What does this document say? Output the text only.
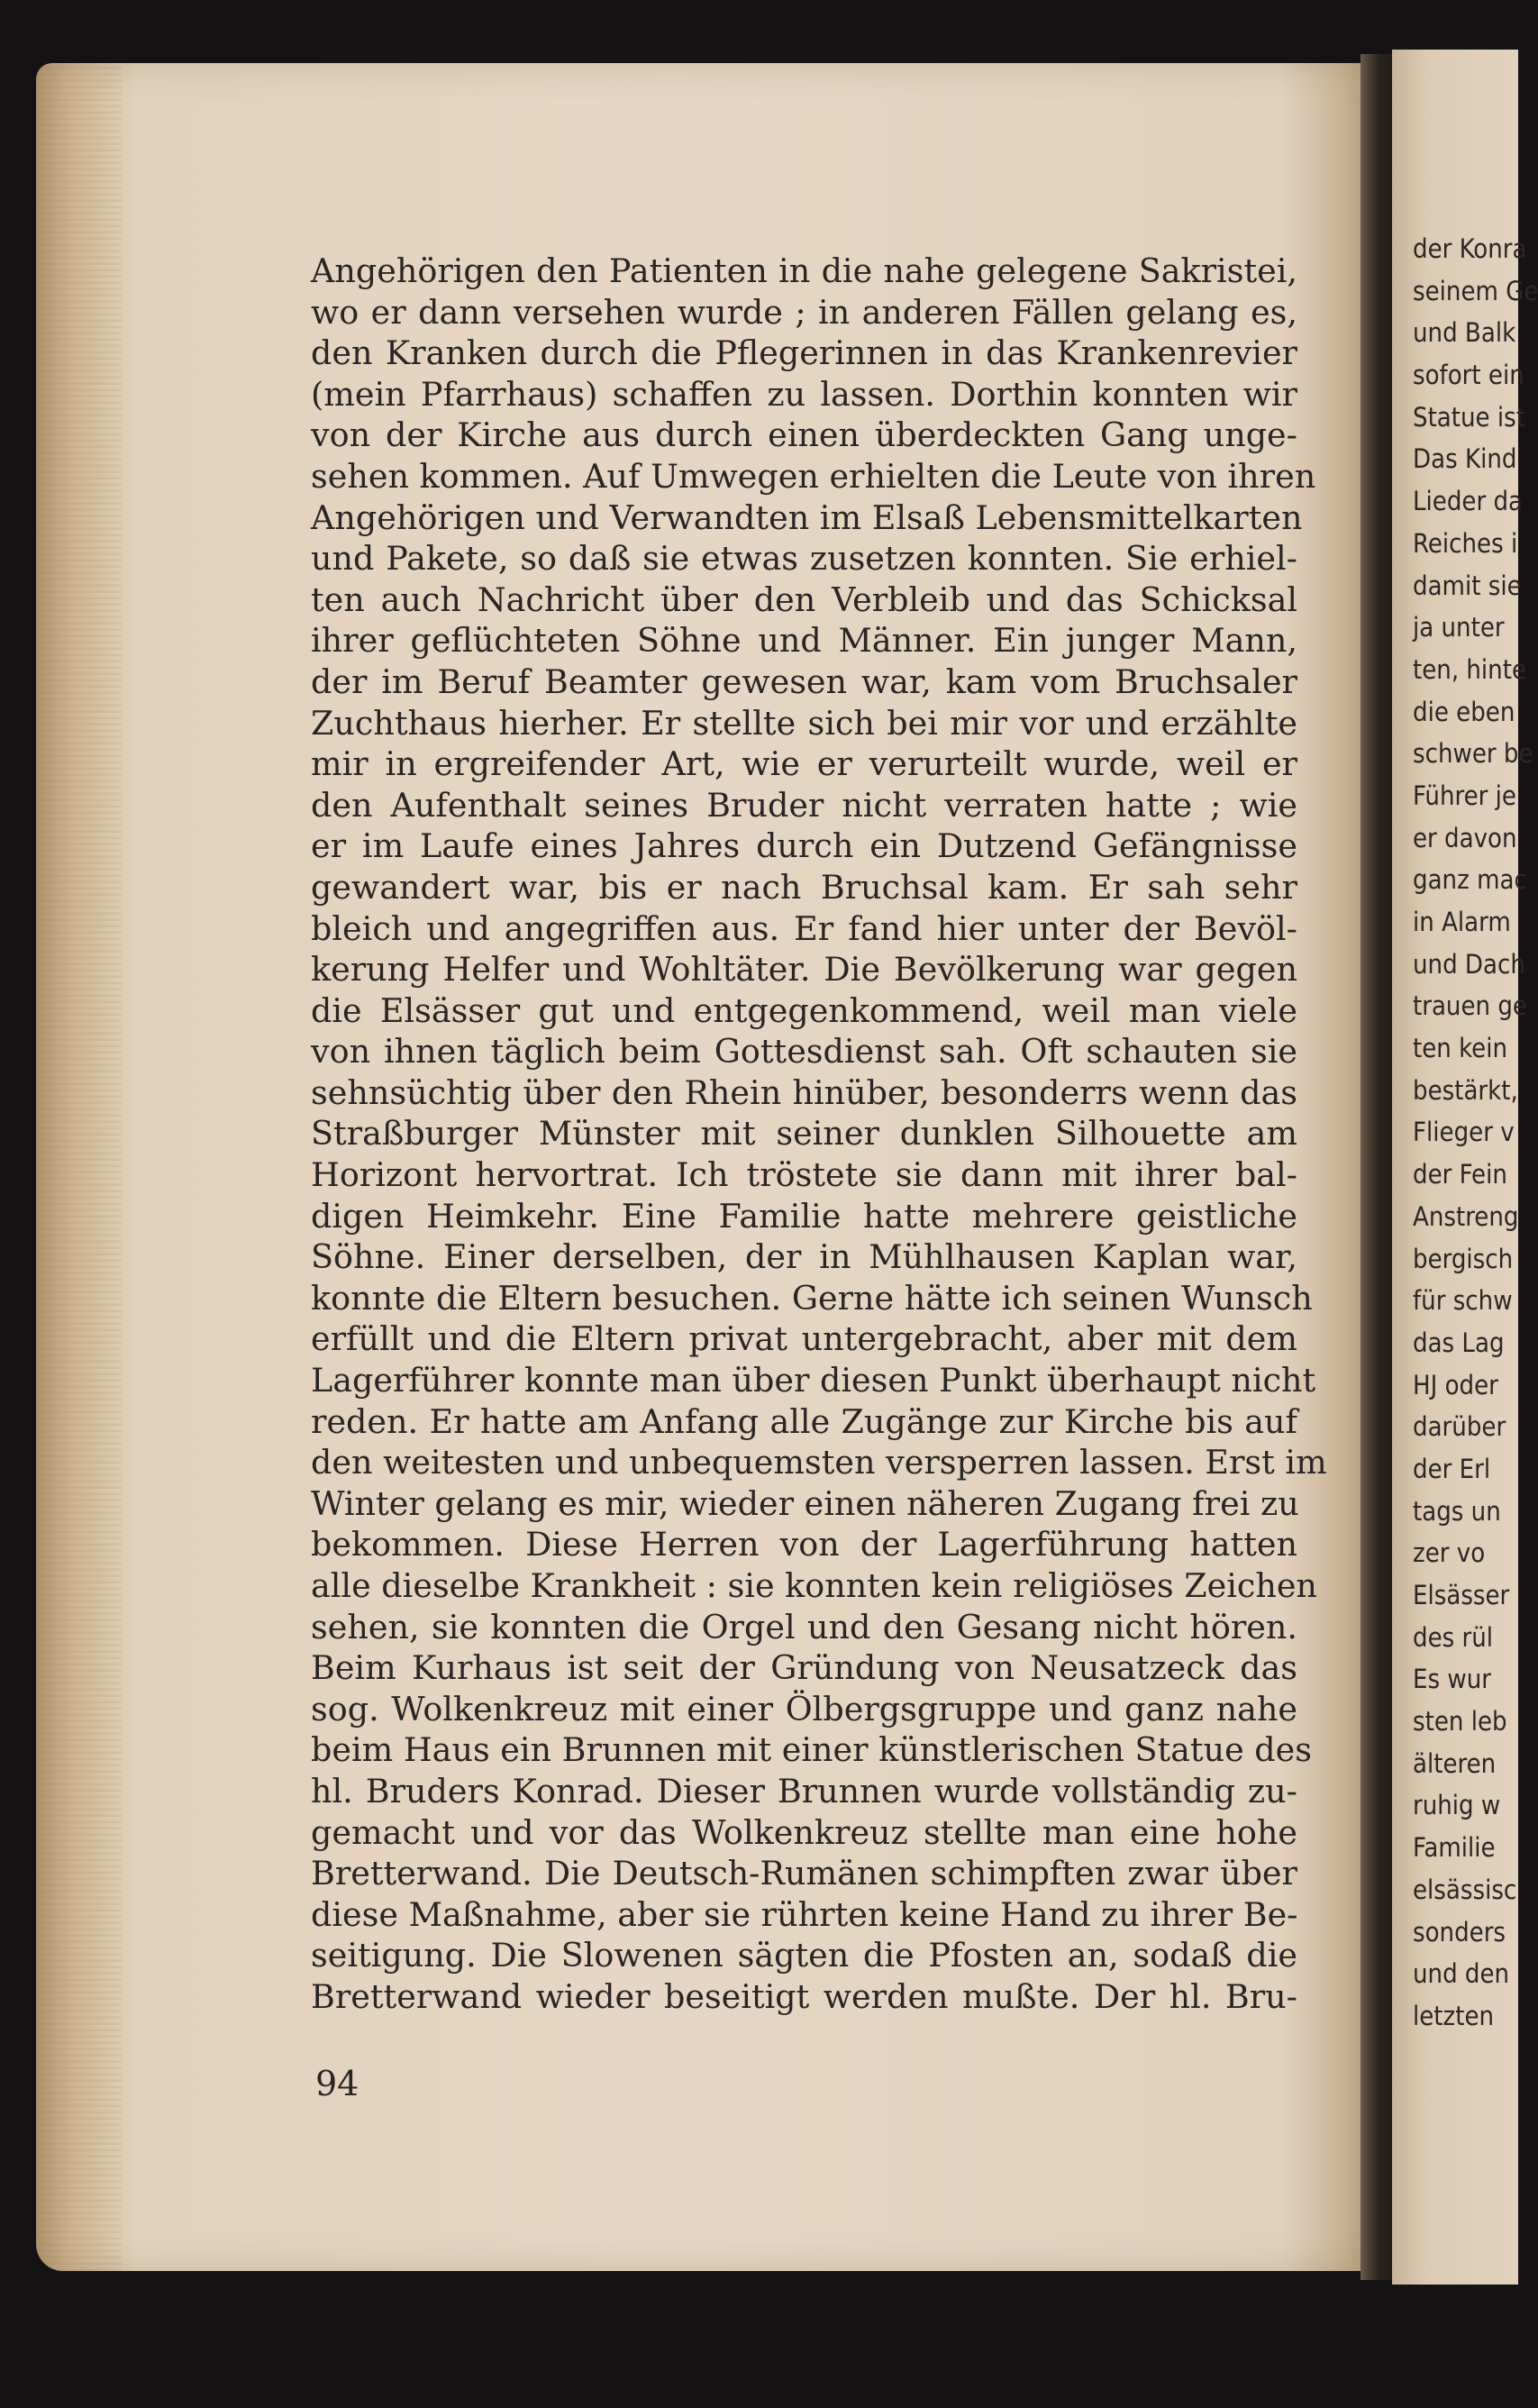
Angehörigen den Patienten in die nahe gelegene Sakristei,
wo er dann versehen wurde ; in anderen Fällen gelang es,
den Kranken durch die Pflegerinnen in das Krankenrevier
(mein Pfarrhaus) schaffen zu lassen. Dorthin konnten wir
von der Kirche aus durch einen überdeckten Gang unge-
sehen kommen. Auf Umwegen erhielten die Leute von ihren
Angehörigen und Verwandten im Elsaß Lebensmittelkarten
und Pakete, so daß sie etwas zusetzen konnten. Sie erhiel-
ten auch Nachricht über den Verbleib und das Schicksal
ihrer geflüchteten Söhne und Männer. Ein junger Mann,
der im Beruf Beamter gewesen war, kam vom Bruchsaler
Zuchthaus hierher. Er stellte sich bei mir vor und erzählte
mir in ergreifender Art, wie er verurteilt wurde, weil er
den Aufenthalt seines Bruder nicht verraten hatte ; wie
er im Laufe eines Jahres durch ein Dutzend Gefängnisse
gewandert war, bis er nach Bruchsal kam. Er sah sehr
bleich und angegriffen aus. Er fand hier unter der Bevöl-
kerung Helfer und Wohltäter. Die Bevölkerung war gegen
die Elsässer gut und entgegenkommend, weil man viele
von ihnen täglich beim Gottesdienst sah. Oft schauten sie
sehnsüchtig über den Rhein hinüber, besonderrs wenn das
Straßburger Münster mit seiner dunklen Silhouette am
Horizont hervortrat. Ich tröstete sie dann mit ihrer bal-
digen Heimkehr. Eine Familie hatte mehrere geistliche
Söhne. Einer derselben, der in Mühlhausen Kaplan war,
konnte die Eltern besuchen. Gerne hätte ich seinen Wunsch
erfüllt und die Eltern privat untergebracht, aber mit dem
Lagerführer konnte man über diesen Punkt überhaupt nicht
reden. Er hatte am Anfang alle Zugänge zur Kirche bis auf
den weitesten und unbequemsten versperren lassen. Erst im
Winter gelang es mir, wieder einen näheren Zugang frei zu
bekommen. Diese Herren von der Lagerführung hatten
alle dieselbe Krankheit : sie konnten kein religiöses Zeichen
sehen, sie konnten die Orgel und den Gesang nicht hören.
Beim Kurhaus ist seit der Gründung von Neusatzeck das
sog. Wolkenkreuz mit einer Ölbergsgruppe und ganz nahe
beim Haus ein Brunnen mit einer künstlerischen Statue des
hl. Bruders Konrad. Dieser Brunnen wurde vollständig zu-
gemacht und vor das Wolkenkreuz stellte man eine hohe
Bretterwand. Die Deutsch-Rumänen schimpften zwar über
diese Maßnahme, aber sie rührten keine Hand zu ihrer Be-
seitigung. Die Slowenen sägten die Pfosten an, sodaß die
Bretterwand wieder beseitigt werden mußte. Der hl. Bru-
94
der Konra
seinem Ge
und Balk
sofort ein
Statue ist
Das Kind
Lieder da
Reiches i
damit sie
ja unter
ten, hinte
die eben
schwer be
Führer je
er davon
ganz mac
in Alarm
und Dach
trauen ge
ten kein
bestärkt,
Flieger v
der Fein
Anstreng
bergisch
für schw
das Lag
HJ oder
darüber
der Erl
tags un
zer vo
Elsässer
des rül
Es wur
sten leb
älteren
ruhig w
Familie
elsässisc
sonders
und den
letzten
